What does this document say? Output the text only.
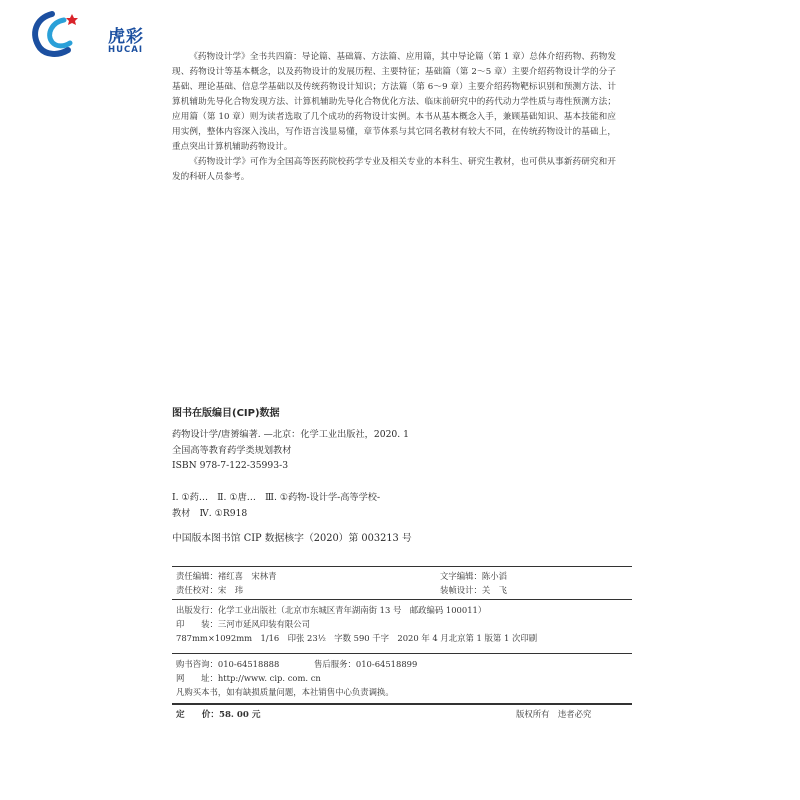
虎彩
HUCAI

《药物设计学》全书共四篇：导论篇、基础篇、方法篇、应用篇，其中导论篇（第 1 章）总体介绍药物、药物发现、药物设计等基本概念，以及药物设计的发展历程、主要特征；基础篇（第 2～5 章）主要介绍药物设计学的分子基础、理论基础、信息学基础以及传统药物设计知识；方法篇（第 6～9 章）主要介绍药物靶标识别和预测方法、计算机辅助先导化合物发现方法、计算机辅助先导化合物优化方法、临床前研究中的药代动力学性质与毒性预测方法；应用篇（第 10 章）则为读者选取了几个成功的药物设计实例。本书从基本概念入手，兼顾基础知识、基本技能和应用实例，整体内容深入浅出，写作语言浅显易懂，章节体系与其它同名教材有较大不同，在传统药物设计的基础上，重点突出计算机辅助药物设计。

《药物设计学》可作为全国高等医药院校药学专业及相关专业的本科生、研究生教材，也可供从事新药研究和开发的科研人员参考。

图书在版编目(CIP)数据
药物设计学/唐赟编著. —北京：化学工业出版社，2020. 1
全国高等教育药学类规划教材
ISBN 978-7-122-35993-3
Ⅰ. ①药…　Ⅱ. ①唐…　Ⅲ. ①药物-设计学-高等学校-
教材　Ⅳ. ①R918
中国版本图书馆 CIP 数据核字（2020）第 003213 号
责任编辑：褚红喜　宋林青
责任校对：宋　玮
文字编辑：陈小滔
装帧设计：关　飞
出版发行：化学工业出版社（北京市东城区青年湖南街 13 号　邮政编码 100011）
印　　装：三河市延风印装有限公司
787mm×1092mm　1/16　印张 23½　字数 590 千字　2020 年 4 月北京第 1 版第 1 次印刷
购书咨询：010-64518888	售后服务：010-64518899
网　　址：http://www. cip. com. cn
凡购买本书，如有缺损质量问题，本社销售中心负责调换。
定　　价：58. 00 元	版权所有　违者必究
